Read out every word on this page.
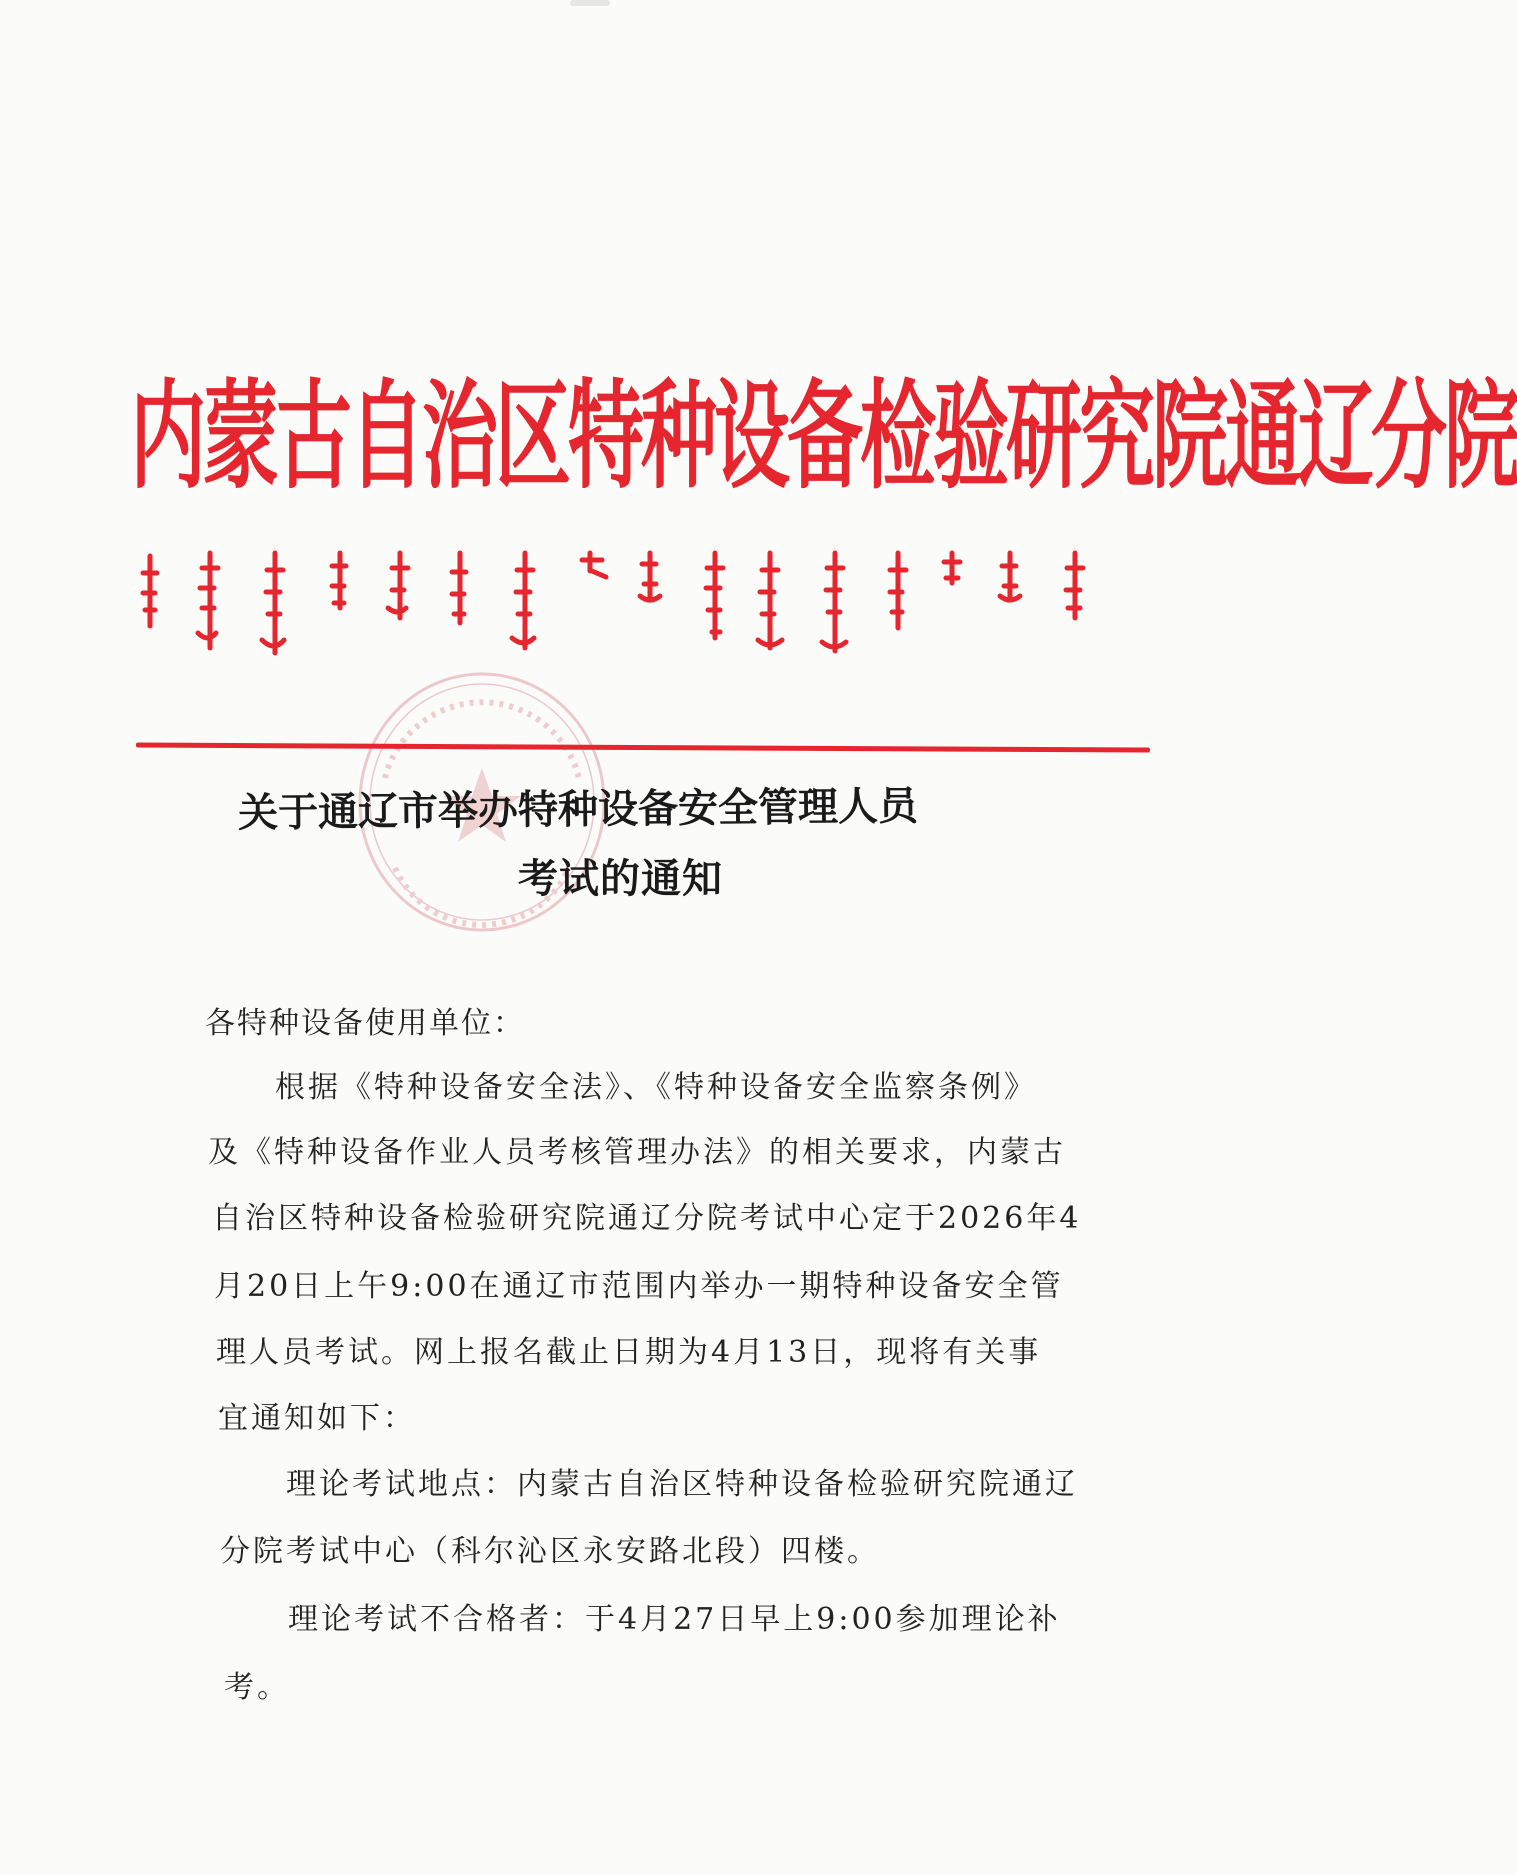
内蒙古自治区特种设备检验研究院通辽分院
关于通辽市举办特种设备安全管理人员
考试的通知
各特种设备使用单位：
根据《特种设备安全法》、《特种设备安全监察条例》
及《特种设备作业人员考核管理办法》的相关要求，内蒙古
自治区特种设备检验研究院通辽分院考试中心定于2026年4
月20日上午9:00在通辽市范围内举办一期特种设备安全管
理人员考试。网上报名截止日期为4月13日，现将有关事
宜通知如下：
理论考试地点：内蒙古自治区特种设备检验研究院通辽
分院考试中心（科尔沁区永安路北段）四楼。
理论考试不合格者：于4月27日早上9:00参加理论补
考。
